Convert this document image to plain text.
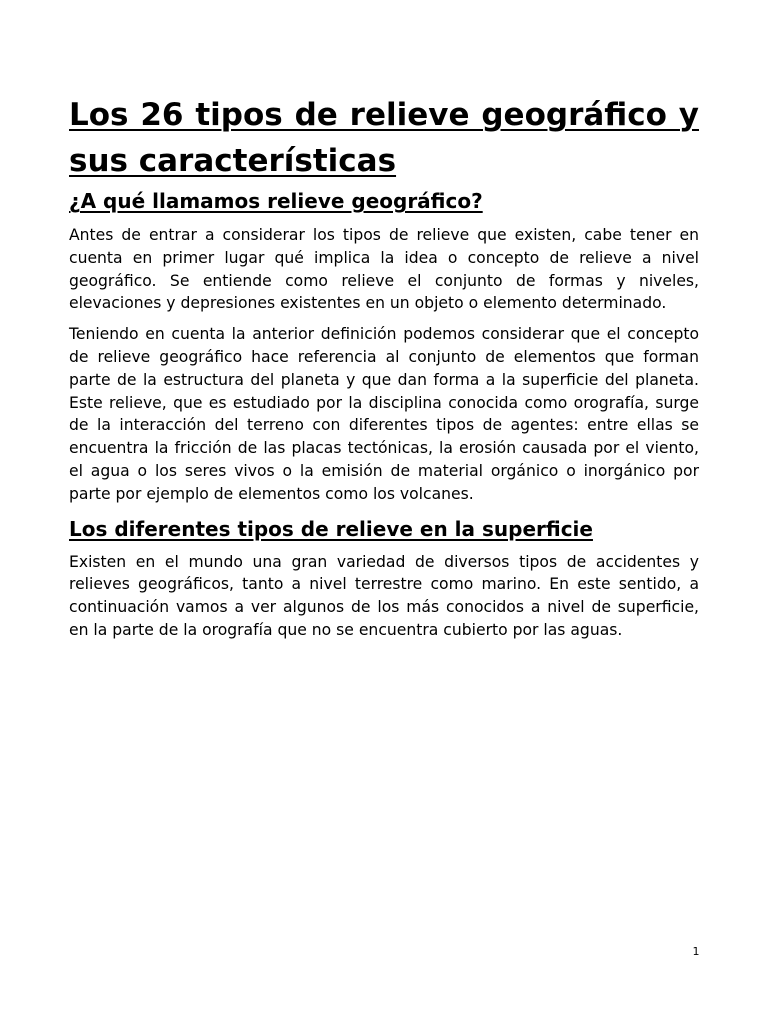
Los 26 tipos de relieve geográfico y sus características
¿A qué llamamos relieve geográfico?

Antes de entrar a considerar los tipos de relieve que existen, cabe tener en cuenta en primer lugar qué implica la idea o concepto de relieve a nivel geográfico. Se entiende como relieve el conjunto de formas y niveles, elevaciones y depresiones existentes en un objeto o elemento determinado.

Teniendo en cuenta la anterior definición podemos considerar que el concepto de relieve geográfico hace referencia al conjunto de elementos que forman parte de la estructura del planeta y que dan forma a la superficie del planeta. Este relieve, que es estudiado por la disciplina conocida como orografía, surge de la interacción del terreno con diferentes tipos de agentes: entre ellas se encuentra la fricción de las placas tectónicas, la erosión causada por el viento, el agua o los seres vivos o la emisión de material orgánico o inorgánico por parte por ejemplo de elementos como los volcanes.

Los diferentes tipos de relieve en la superficie

Existen en el mundo una gran variedad de diversos tipos de accidentes y relieves geográficos, tanto a nivel terrestre como marino. En este sentido, a continuación vamos a ver algunos de los más conocidos a nivel de superficie, en la parte de la orografía que no se encuentra cubierto por las aguas.

1
